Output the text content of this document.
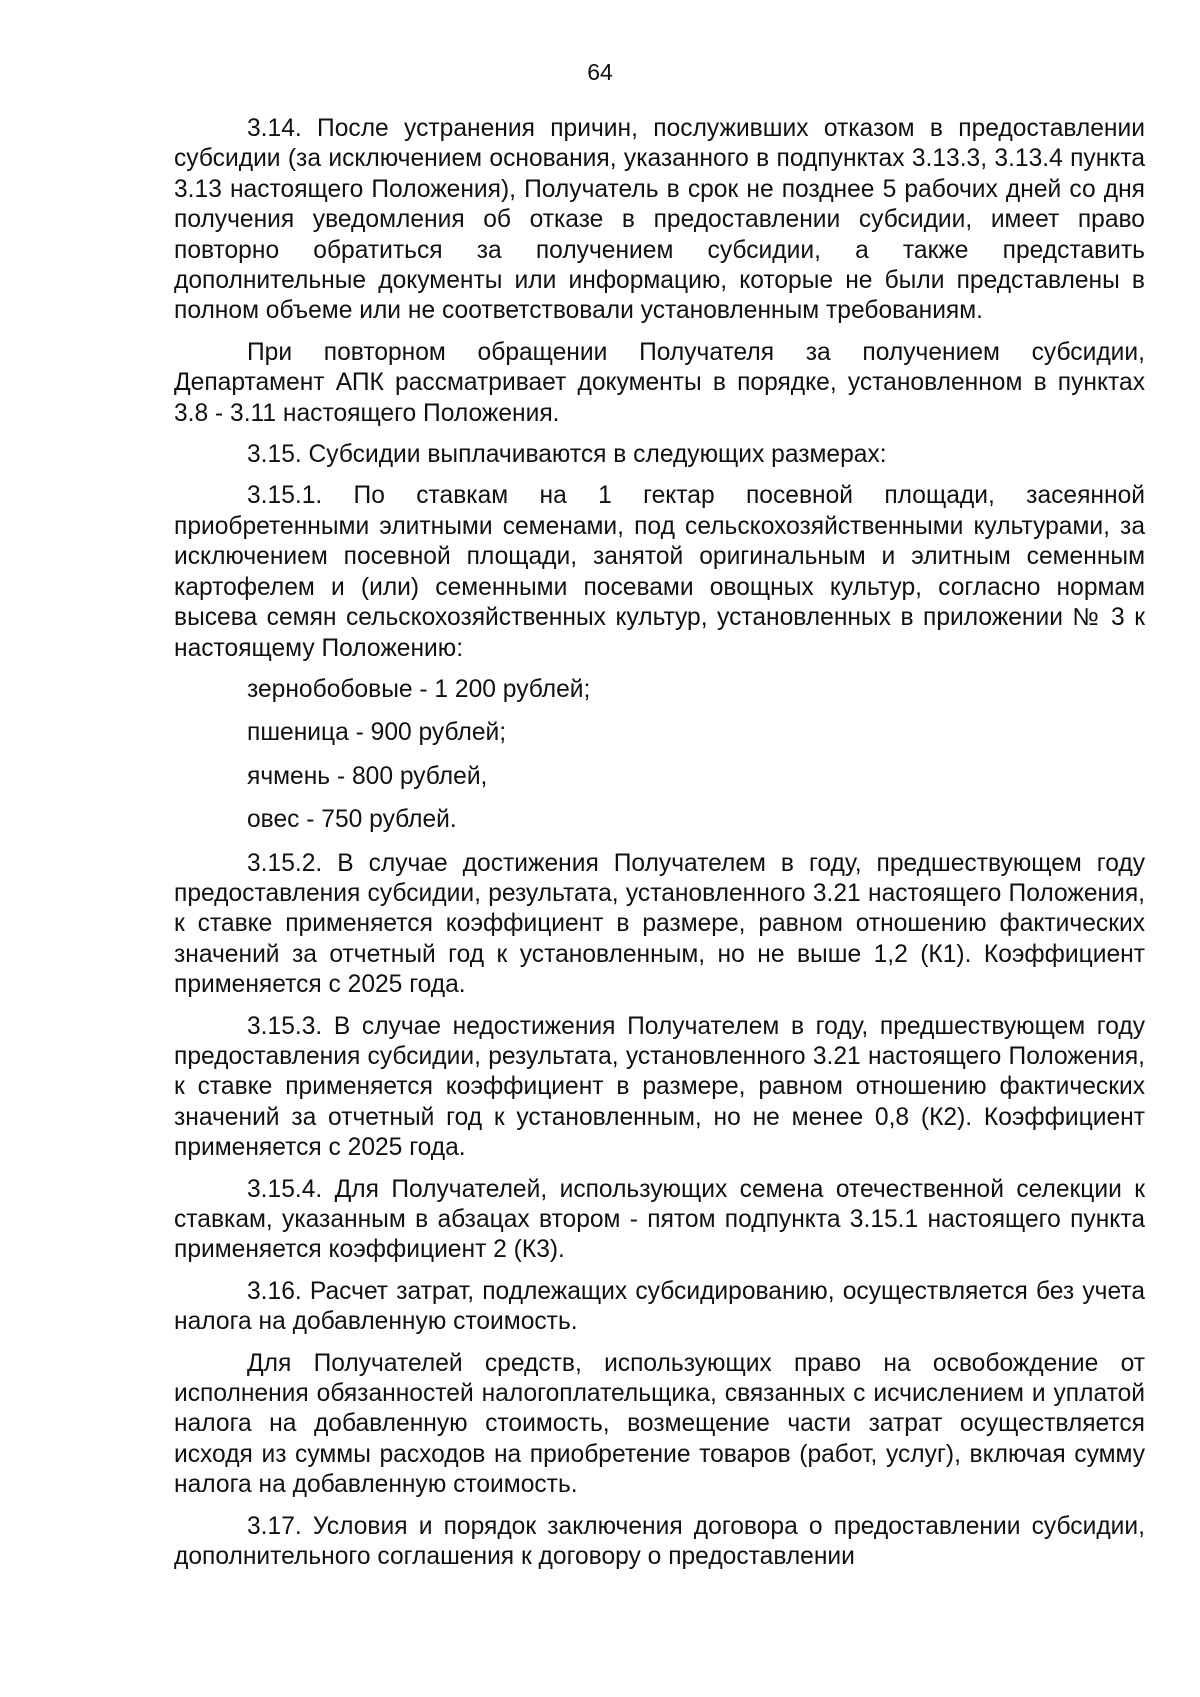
64

3.14. После устранения причин, послуживших отказом в предоставлении субсидии (за исключением основания, указанного в подпунктах 3.13.3, 3.13.4 пункта 3.13 настоящего Положения), Получатель в срок не позднее 5 рабочих дней со дня получения уведомления об отказе в предоставлении субсидии, имеет право повторно обратиться за получением субсидии, а также представить дополнительные документы или информацию, которые не были представлены в полном объеме или не соответствовали установленным требованиям.

При повторном обращении Получателя за получением субсидии, Департамент АПК рассматривает документы в порядке, установленном в пунктах 3.8 - 3.11 настоящего Положения.

3.15. Субсидии выплачиваются в следующих размерах:

3.15.1. По ставкам на 1 гектар посевной площади, засеянной приобретенными элитными семенами, под сельскохозяйственными культурами, за исключением посевной площади, занятой оригинальным и элитным семенным картофелем и (или) семенными посевами овощных культур, согласно нормам высева семян сельскохозяйственных культур, установленных в приложении № 3 к настоящему Положению:

зернобобовые - 1 200 рублей;

пшеница - 900 рублей;

ячмень - 800 рублей,

овес - 750 рублей.

3.15.2. В случае достижения Получателем в году, предшествующем году предоставления субсидии, результата, установленного 3.21 настоящего Положения, к ставке применяется коэффициент в размере, равном отношению фактических значений за отчетный год к установленным, но не выше 1,2 (К1). Коэффициент применяется с 2025 года.

3.15.3. В случае недостижения Получателем в году, предшествующем году предоставления субсидии, результата, установленного 3.21 настоящего Положения, к ставке применяется коэффициент в размере, равном отношению фактических значений за отчетный год к установленным, но не менее 0,8 (К2). Коэффициент применяется с 2025 года.

3.15.4. Для Получателей, использующих семена отечественной селекции к ставкам, указанным в абзацах втором - пятом подпункта 3.15.1 настоящего пункта применяется коэффициент 2 (К3).

3.16. Расчет затрат, подлежащих субсидированию, осуществляется без учета налога на добавленную стоимость.

Для Получателей средств, использующих право на освобождение от исполнения обязанностей налогоплательщика, связанных с исчислением и уплатой налога на добавленную стоимость, возмещение части затрат осуществляется исходя из суммы расходов на приобретение товаров (работ, услуг), включая сумму налога на добавленную стоимость.

3.17. Условия и порядок заключения договора о предоставлении субсидии, дополнительного соглашения к договору о предоставлении
